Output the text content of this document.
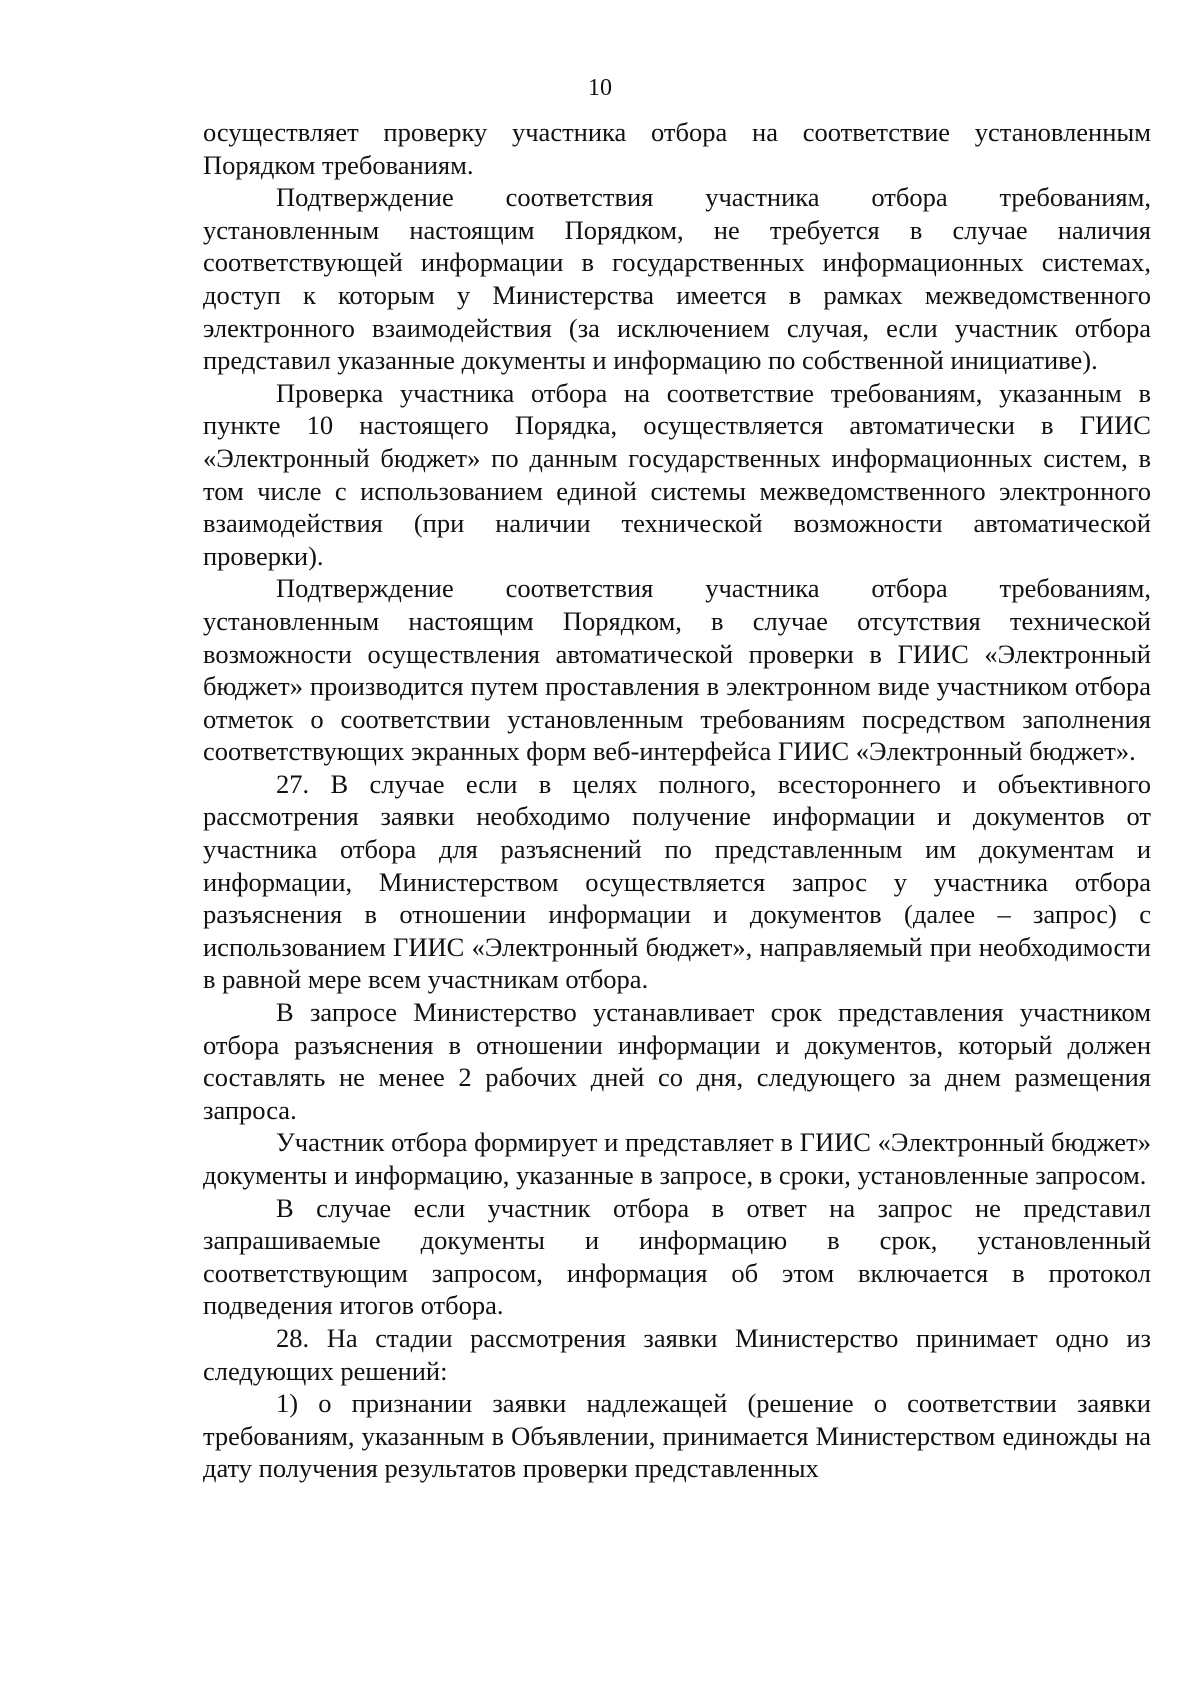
10

осуществляет проверку участника отбора на соответствие установленным Порядком требованиям.

Подтверждение соответствия участника отбора требованиям, установленным настоящим Порядком, не требуется в случае наличия соответствующей информации в государственных информационных системах, доступ к которым у Министерства имеется в рамках межведомственного электронного взаимодействия (за исключением случая, если участник отбора представил указанные документы и информацию по собственной инициативе).

Проверка участника отбора на соответствие требованиям, указанным в пункте 10 настоящего Порядка, осуществляется автоматически в ГИИС «Электронный бюджет» по данным государственных информационных систем, в том числе с использованием единой системы межведомственного электронного взаимодействия (при наличии технической возможности автоматической проверки).

Подтверждение соответствия участника отбора требованиям, установленным настоящим Порядком, в случае отсутствия технической возможности осуществления автоматической проверки в ГИИС «Электронный бюджет» производится путем проставления в электронном виде участником отбора отметок о соответствии установленным требованиям посредством заполнения соответствующих экранных форм веб-интерфейса ГИИС «Электронный бюджет».

27. В случае если в целях полного, всестороннего и объективного рассмотрения заявки необходимо получение информации и документов от участника отбора для разъяснений по представленным им документам и информации, Министерством осуществляется запрос у участника отбора разъяснения в отношении информации и документов (далее – запрос) с использованием ГИИС «Электронный бюджет», направляемый при необходимости в равной мере всем участникам отбора.

В запросе Министерство устанавливает срок представления участником отбора разъяснения в отношении информации и документов, который должен составлять не менее 2 рабочих дней со дня, следующего за днем размещения запроса.

Участник отбора формирует и представляет в ГИИС «Электронный бюджет» документы и информацию, указанные в запросе, в сроки, установленные запросом.

В случае если участник отбора в ответ на запрос не представил запрашиваемые документы и информацию в срок, установленный соответствующим запросом, информация об этом включается в протокол подведения итогов отбора.

28. На стадии рассмотрения заявки Министерство принимает одно из следующих решений:

1) о признании заявки надлежащей (решение о соответствии заявки требованиям, указанным в Объявлении, принимается Министерством единожды на дату получения результатов проверки представленных
